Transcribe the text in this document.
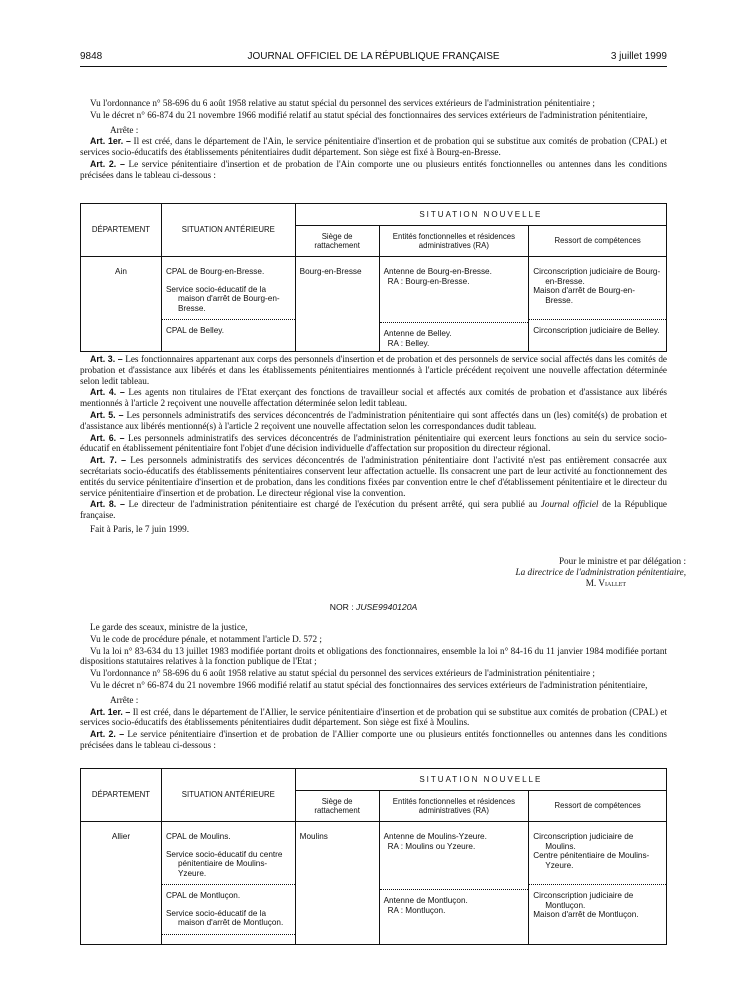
9848	JOURNAL OFFICIEL DE LA RÉPUBLIQUE FRANÇAISE	3 juillet 1999

Vu l'ordonnance n° 58-696 du 6 août 1958 relative au statut spécial du personnel des services extérieurs de l'administration pénitentiaire ;

Vu le décret n° 66-874 du 21 novembre 1966 modifié relatif au statut spécial des fonctionnaires des services extérieurs de l'administration pénitentiaire,

Arrête :

Art. 1er. – Il est créé, dans le département de l'Ain, le service pénitentiaire d'insertion et de probation qui se substitue aux comités de probation (CPAL) et services socio-éducatifs des établissements pénitentiaires dudit département. Son siège est fixé à Bourg-en-Bresse.

Art. 2. – Le service pénitentiaire d'insertion et de probation de l'Ain comporte une ou plusieurs entités fonctionnelles ou antennes dans les conditions précisées dans le tableau ci-dessous :

DÉPARTEMENT	SITUATION ANTÉRIEURE	SITUATION NOUVELLE		
		Siège de rattachement	Entités fonctionnelles et résidences administratives (RA)	Ressort de compétences
Ain	CPAL de Bourg-en-Bresse.
Service socio-éducatif de la maison d'arrêt de Bourg-en-Bresse.
CPAL de Belley.	Bourg-en-Bresse	Antenne de Bourg-en-Bresse.
RA : Bourg-en-Bresse.
Antenne de Belley.
RA : Belley.	Circonscription judiciaire de Bourg-en-Bresse.
Maison d'arrêt de Bourg-en-Bresse.
Circonscription judiciaire de Belley.

Art. 3. – Les fonctionnaires appartenant aux corps des personnels d'insertion et de probation et des personnels de service social affectés dans les comités de probation et d'assistance aux libérés et dans les établissements pénitentiaires mentionnés à l'article précédent reçoivent une nouvelle affectation déterminée selon ledit tableau.

Art. 4. – Les agents non titulaires de l'Etat exerçant des fonctions de travailleur social et affectés aux comités de probation et d'assistance aux libérés mentionnés à l'article 2 reçoivent une nouvelle affectation déterminée selon ledit tableau.

Art. 5. – Les personnels administratifs des services déconcentrés de l'administration pénitentiaire qui sont affectés dans un (les) comité(s) de probation et d'assistance aux libérés mentionné(s) à l'article 2 reçoivent une nouvelle affectation selon les correspondances dudit tableau.

Art. 6. – Les personnels administratifs des services déconcentrés de l'administration pénitentiaire qui exercent leurs fonctions au sein du service socio-éducatif en établissement pénitentiaire font l'objet d'une décision individuelle d'affectation sur proposition du directeur régional.

Art. 7. – Les personnels administratifs des services déconcentrés de l'administration pénitentiaire dont l'activité n'est pas entièrement consacrée aux secrétariats socio-éducatifs des établissements pénitentiaires conservent leur affectation actuelle. Ils consacrent une part de leur activité au fonctionnement des entités du service pénitentiaire d'insertion et de probation, dans les conditions fixées par convention entre le chef d'établissement pénitentiaire et le directeur du service pénitentiaire d'insertion et de probation. Le directeur régional vise la convention.

Art. 8. – Le directeur de l'administration pénitentiaire est chargé de l'exécution du présent arrêté, qui sera publié au Journal officiel de la République française.

Fait à Paris, le 7 juin 1999.

Pour le ministre et par délégation :
La directrice de l'administration pénitentiaire,
M. Viallet
NOR : JUSE9940120A

Le garde des sceaux, ministre de la justice,

Vu le code de procédure pénale, et notamment l'article D. 572 ;

Vu la loi n° 83-634 du 13 juillet 1983 modifiée portant droits et obligations des fonctionnaires, ensemble la loi n° 84-16 du 11 janvier 1984 modifiée portant dispositions statutaires relatives à la fonction publique de l'Etat ;

Vu l'ordonnance n° 58-696 du 6 août 1958 relative au statut spécial du personnel des services extérieurs de l'administration pénitentiaire ;

Vu le décret n° 66-874 du 21 novembre 1966 modifié relatif au statut spécial des fonctionnaires des services extérieurs de l'administration pénitentiaire,

Arrête :

Art. 1er. – Il est créé, dans le département de l'Allier, le service pénitentiaire d'insertion et de probation qui se substitue aux comités de probation (CPAL) et services socio-éducatifs des établissements pénitentiaires dudit département. Son siège est fixé à Moulins.

Art. 2. – Le service pénitentiaire d'insertion et de probation de l'Allier comporte une ou plusieurs entités fonctionnelles ou antennes dans les conditions précisées dans le tableau ci-dessous :

DÉPARTEMENT	SITUATION ANTÉRIEURE	SITUATION NOUVELLE		
		Siège de rattachement	Entités fonctionnelles et résidences administratives (RA)	Ressort de compétences
Allier	CPAL de Moulins.
Service socio-éducatif du centre pénitentiaire de Moulins-Yzeure.
CPAL de Montluçon.
Service socio-éducatif de la maison d'arrêt de Montluçon.	Moulins	Antenne de Moulins-Yzeure.
RA : Moulins ou Yzeure.
Antenne de Montluçon.
RA : Montluçon.	Circonscription judiciaire de Moulins.
Centre pénitentiaire de Moulins-Yzeure.
Circonscription judiciaire de Montluçon.
Maison d'arrêt de Montluçon.
